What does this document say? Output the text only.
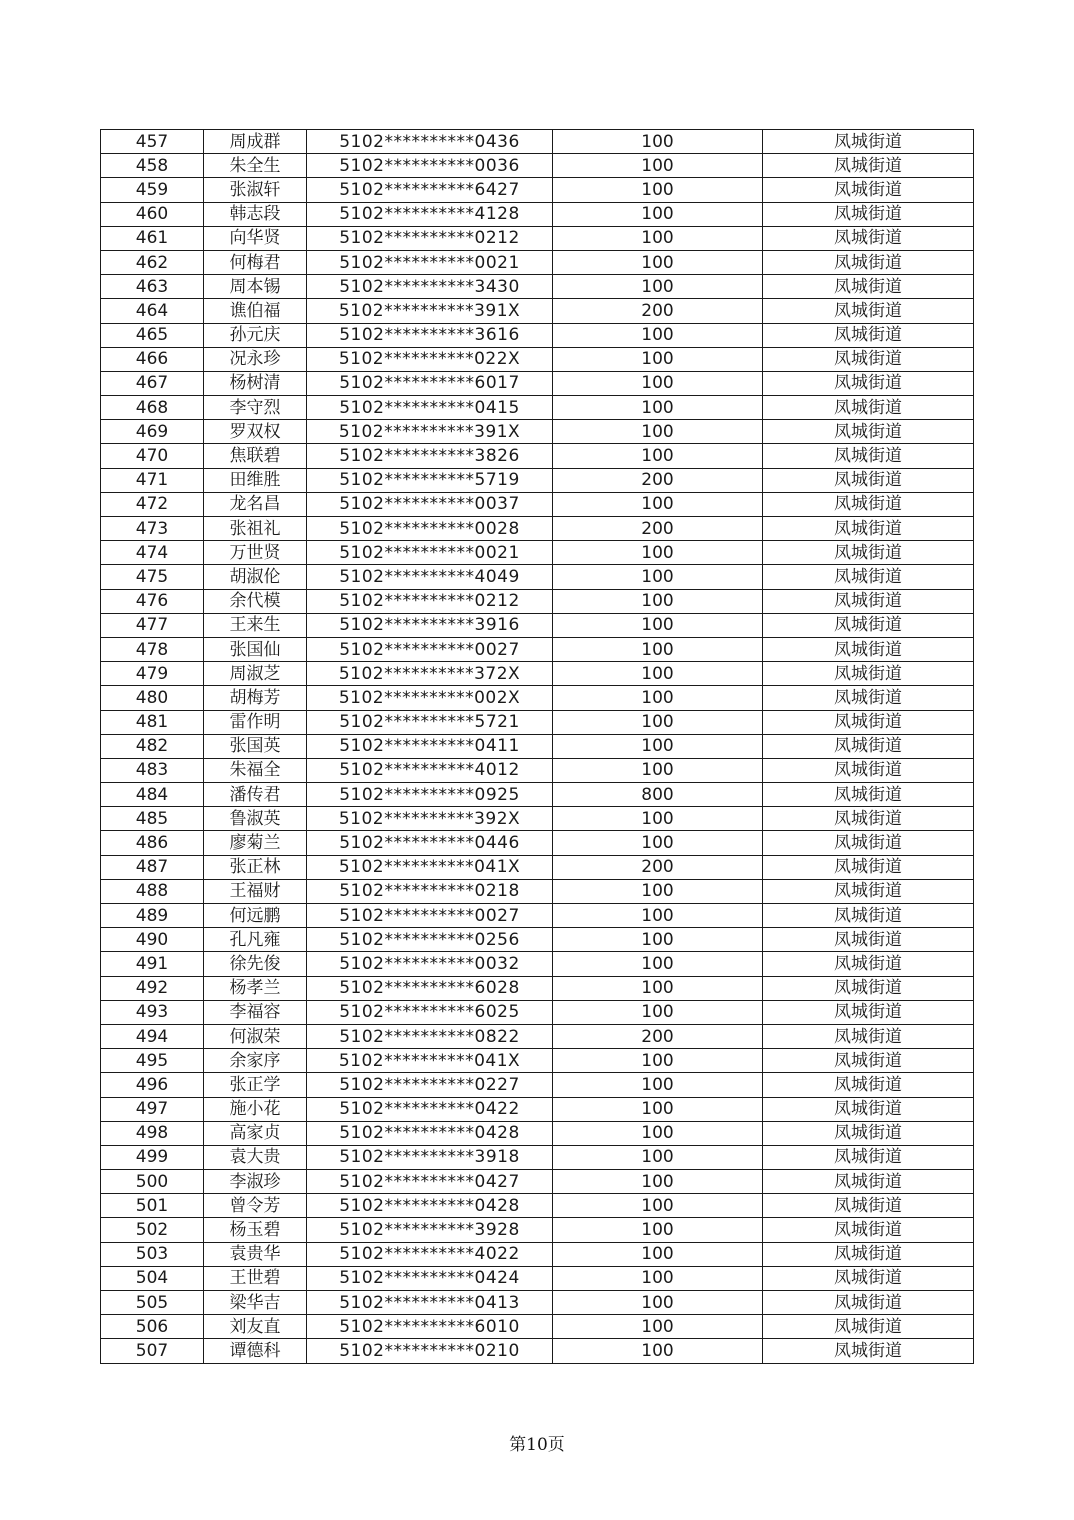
457	周成群	5102**********0436	100	凤城街道
458	朱全生	5102**********0036	100	凤城街道
459	张淑轩	5102**********6427	100	凤城街道
460	韩志段	5102**********4128	100	凤城街道
461	向华贤	5102**********0212	100	凤城街道
462	何梅君	5102**********0021	100	凤城街道
463	周本锡	5102**********3430	100	凤城街道
464	谯伯福	5102**********391X	200	凤城街道
465	孙元庆	5102**********3616	100	凤城街道
466	况永珍	5102**********022X	100	凤城街道
467	杨树清	5102**********6017	100	凤城街道
468	李守烈	5102**********0415	100	凤城街道
469	罗双权	5102**********391X	100	凤城街道
470	焦联碧	5102**********3826	100	凤城街道
471	田维胜	5102**********5719	200	凤城街道
472	龙名昌	5102**********0037	100	凤城街道
473	张祖礼	5102**********0028	200	凤城街道
474	万世贤	5102**********0021	100	凤城街道
475	胡淑伦	5102**********4049	100	凤城街道
476	余代模	5102**********0212	100	凤城街道
477	王来生	5102**********3916	100	凤城街道
478	张国仙	5102**********0027	100	凤城街道
479	周淑芝	5102**********372X	100	凤城街道
480	胡梅芳	5102**********002X	100	凤城街道
481	雷作明	5102**********5721	100	凤城街道
482	张国英	5102**********0411	100	凤城街道
483	朱福全	5102**********4012	100	凤城街道
484	潘传君	5102**********0925	800	凤城街道
485	鲁淑英	5102**********392X	100	凤城街道
486	廖菊兰	5102**********0446	100	凤城街道
487	张正林	5102**********041X	200	凤城街道
488	王福财	5102**********0218	100	凤城街道
489	何远鹏	5102**********0027	100	凤城街道
490	孔凡雍	5102**********0256	100	凤城街道
491	徐先俊	5102**********0032	100	凤城街道
492	杨孝兰	5102**********6028	100	凤城街道
493	李福容	5102**********6025	100	凤城街道
494	何淑荣	5102**********0822	200	凤城街道
495	余家序	5102**********041X	100	凤城街道
496	张正学	5102**********0227	100	凤城街道
497	施小花	5102**********0422	100	凤城街道
498	高家贞	5102**********0428	100	凤城街道
499	袁大贵	5102**********3918	100	凤城街道
500	李淑珍	5102**********0427	100	凤城街道
501	曾令芳	5102**********0428	100	凤城街道
502	杨玉碧	5102**********3928	100	凤城街道
503	袁贵华	5102**********4022	100	凤城街道
504	王世碧	5102**********0424	100	凤城街道
505	梁华吉	5102**********0413	100	凤城街道
506	刘友直	5102**********6010	100	凤城街道
507	谭德科	5102**********0210	100	凤城街道
第10页
